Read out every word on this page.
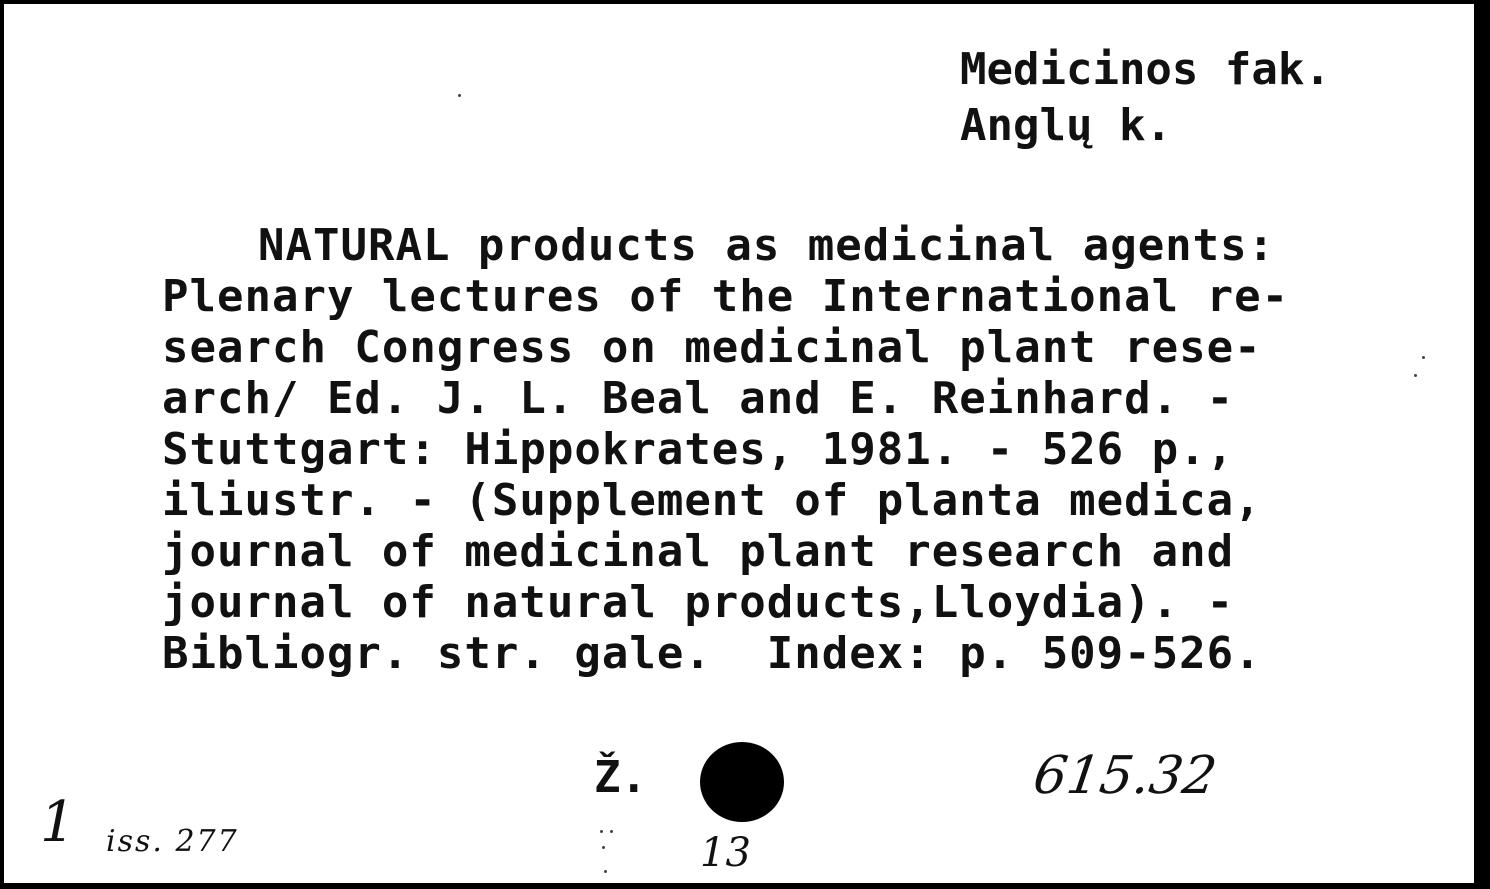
Medicinos fak.
Anglų k.
NATURAL products as medicinal agents:
Plenary lectures of the International re-
search Congress on medicinal plant rese-
arch/ Ed. J. L. Beal and E. Reinhard. -
Stuttgart: Hippokrates, 1981. - 526 p.,
iliustr. - (Supplement of planta medica,
journal of medicinal plant research and
journal of natural products,Lloydia). -
Bibliogr. str. gale.  Index: p. 509-526.
Ž.	615.32
1 iss. 277	13
